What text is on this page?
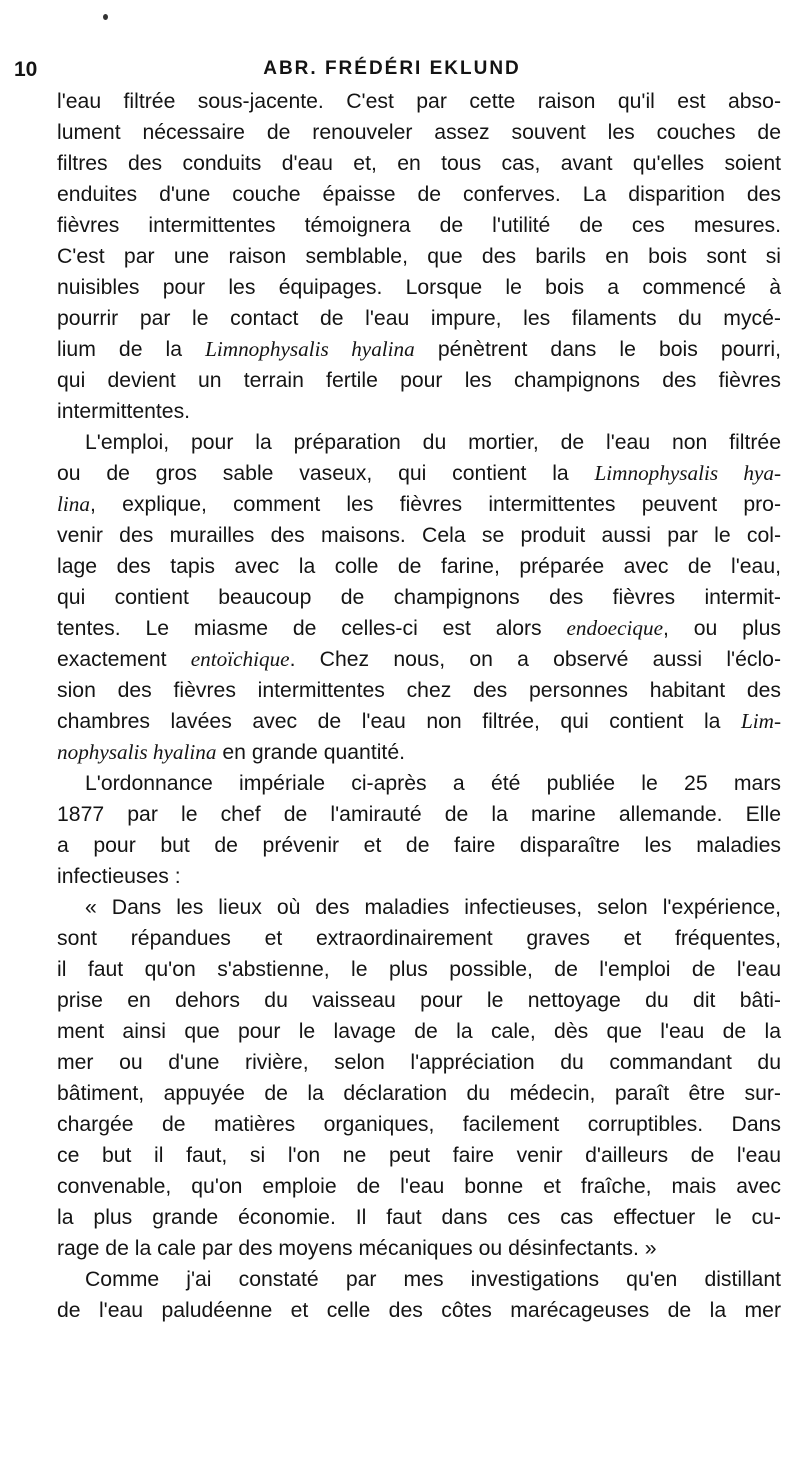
10	ABR. FRÉDÉRI EKLUND
l'eau filtrée sous-jacente. C'est par cette raison qu'il est abso-
lument nécessaire de renouveler assez souvent les couches de
filtres des conduits d'eau et, en tous cas, avant qu'elles soient
enduites d'une couche épaisse de conferves. La disparition des
fièvres intermittentes témoignera de l'utilité de ces mesures.
C'est par une raison semblable, que des barils en bois sont si
nuisibles pour les équipages. Lorsque le bois a commencé à
pourrir par le contact de l'eau impure, les filaments du mycé-
lium de la Limnophysalis hyalina pénètrent dans le bois pourri,
qui devient un terrain fertile pour les champignons des fièvres
intermittentes.
L'emploi, pour la préparation du mortier, de l'eau non filtrée
ou de gros sable vaseux, qui contient la Limnophysalis hya-
lina, explique, comment les fièvres intermittentes peuvent pro-
venir des murailles des maisons. Cela se produit aussi par le col-
lage des tapis avec la colle de farine, préparée avec de l'eau,
qui contient beaucoup de champignons des fièvres intermit-
tentes. Le miasme de celles-ci est alors endoecique, ou plus
exactement entoïchique. Chez nous, on a observé aussi l'éclo-
sion des fièvres intermittentes chez des personnes habitant des
chambres lavées avec de l'eau non filtrée, qui contient la Lim-
nophysalis hyalina en grande quantité.
L'ordonnance impériale ci-après a été publiée le 25 mars
1877 par le chef de l'amirauté de la marine allemande. Elle
a pour but de prévenir et de faire disparaître les maladies
infectieuses :
« Dans les lieux où des maladies infectieuses, selon l'expérience,
sont répandues et extraordinairement graves et fréquentes,
il faut qu'on s'abstienne, le plus possible, de l'emploi de l'eau
prise en dehors du vaisseau pour le nettoyage du dit bâti-
ment ainsi que pour le lavage de la cale, dès que l'eau de la
mer ou d'une rivière, selon l'appréciation du commandant du
bâtiment, appuyée de la déclaration du médecin, paraît être sur-
chargée de matières organiques, facilement corruptibles. Dans
ce but il faut, si l'on ne peut faire venir d'ailleurs de l'eau
convenable, qu'on emploie de l'eau bonne et fraîche, mais avec
la plus grande économie. Il faut dans ces cas effectuer le cu-
rage de la cale par des moyens mécaniques ou désinfectants. »
Comme j'ai constaté par mes investigations qu'en distillant
de l'eau paludéenne et celle des côtes marécageuses de la mer
